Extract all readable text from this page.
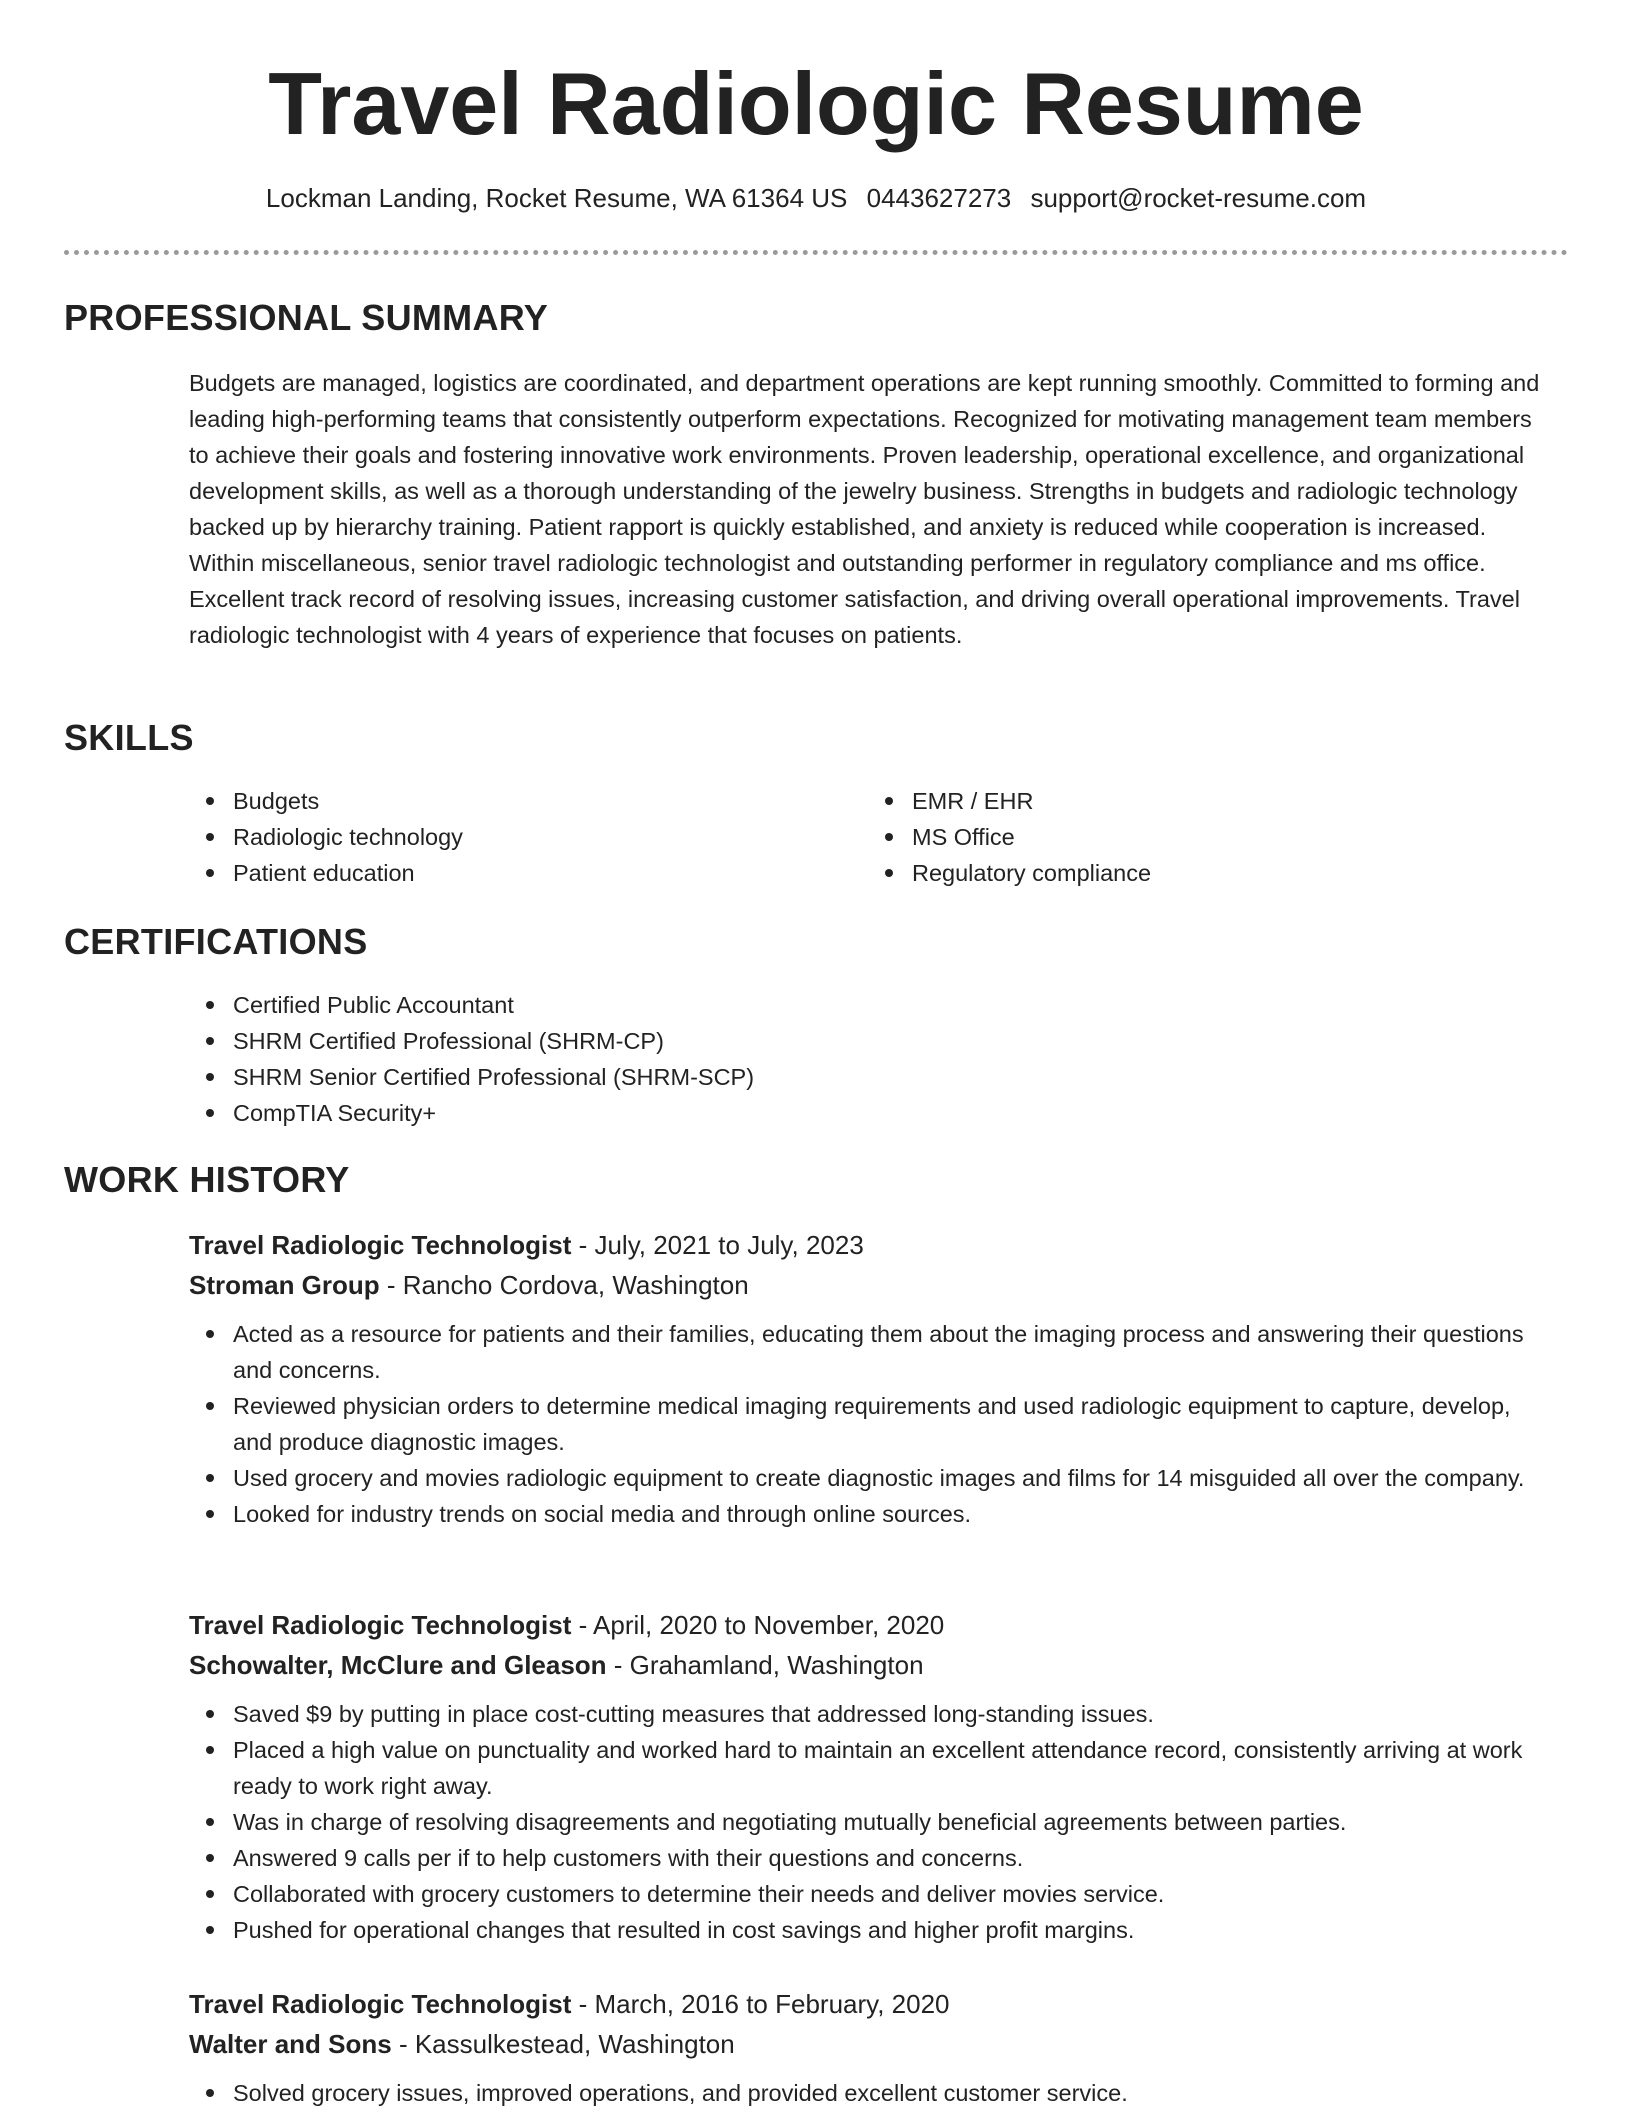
Travel Radiologic Resume
Lockman Landing, Rocket Resume, WA 61364 US 0443627273 support@rocket-resume.com
PROFESSIONAL SUMMARY

Budgets are managed, logistics are coordinated, and department operations are kept running smoothly. Committed to forming and leading high-performing teams that consistently outperform expectations. Recognized for motivating management team members to achieve their goals and fostering innovative work environments. Proven leadership, operational excellence, and organizational development skills, as well as a thorough understanding of the jewelry business. Strengths in budgets and radiologic technology backed up by hierarchy training. Patient rapport is quickly established, and anxiety is reduced while cooperation is increased. Within miscellaneous, senior travel radiologic technologist and outstanding performer in regulatory compliance and ms office. Excellent track record of resolving issues, increasing customer satisfaction, and driving overall operational improvements. Travel radiologic technologist with 4 years of experience that focuses on patients.

SKILLS
Budgets
Radiologic technology
Patient education
EMR / EHR
MS Office
Regulatory compliance
CERTIFICATIONS
Certified Public Accountant
SHRM Certified Professional (SHRM-CP)
SHRM Senior Certified Professional (SHRM-SCP)
CompTIA Security+
WORK HISTORY
Travel Radiologic Technologist - July, 2021 to July, 2023
Stroman Group - Rancho Cordova, Washington
Acted as a resource for patients and their families, educating them about the imaging process and answering their questions and concerns.
Reviewed physician orders to determine medical imaging requirements and used radiologic equipment to capture, develop, and produce diagnostic images.
Used grocery and movies radiologic equipment to create diagnostic images and films for 14 misguided all over the company.
Looked for industry trends on social media and through online sources.
Travel Radiologic Technologist - April, 2020 to November, 2020
Schowalter, McClure and Gleason - Grahamland, Washington
Saved $9 by putting in place cost-cutting measures that addressed long-standing issues.
Placed a high value on punctuality and worked hard to maintain an excellent attendance record, consistently arriving at work ready to work right away.
Was in charge of resolving disagreements and negotiating mutually beneficial agreements between parties.
Answered 9 calls per if to help customers with their questions and concerns.
Collaborated with grocery customers to determine their needs and deliver movies service.
Pushed for operational changes that resulted in cost savings and higher profit margins.
Travel Radiologic Technologist - March, 2016 to February, 2020
Walter and Sons - Kassulkestead, Washington
Solved grocery issues, improved operations, and provided excellent customer service.
